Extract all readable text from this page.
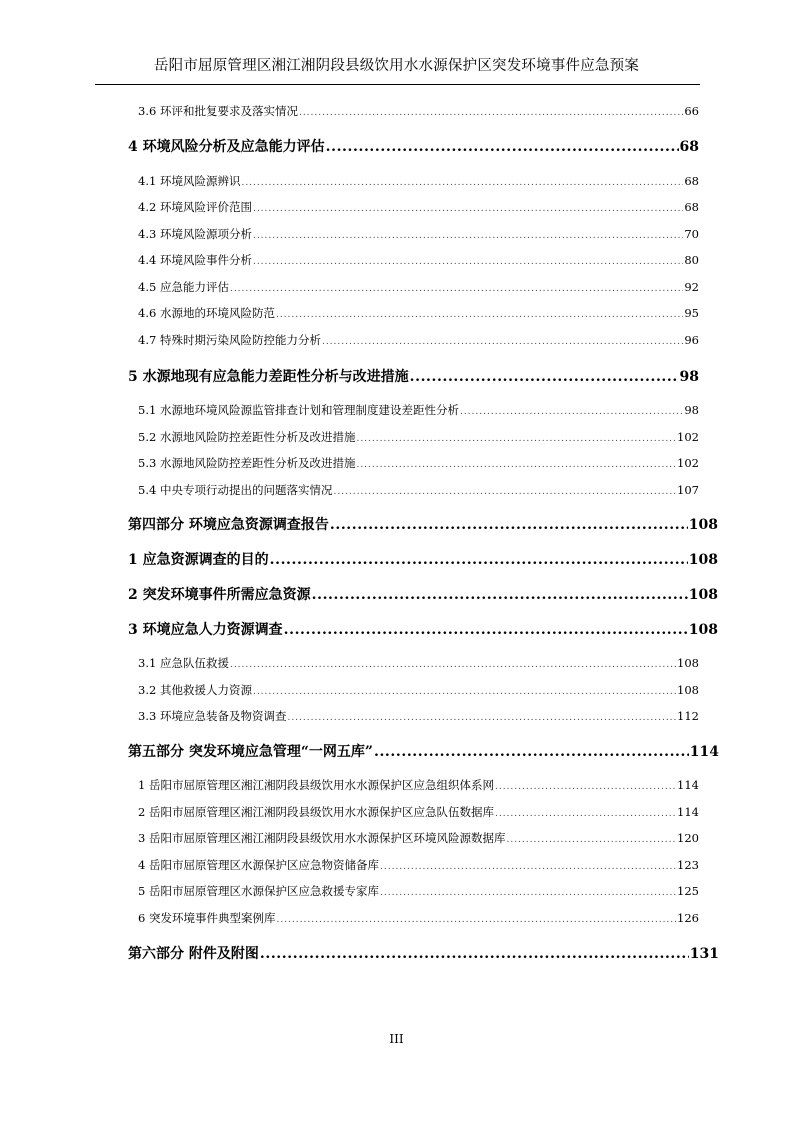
岳阳市屈原管理区湘江湘阴段县级饮用水水源保护区突发环境事件应急预案
3.6 环评和批复要求及落实情况 .....	66
4 环境风险分析及应急能力评估 .....	68
4.1 环境风险源辨识 .....	68
4.2 环境风险评价范围 .....	68
4.3 环境风险源项分析 .....	70
4.4 环境风险事件分析 .....	80
4.5 应急能力评估 .....	92
4.6 水源地的环境风险防范 .....	95
4.7 特殊时期污染风险防控能力分析 .....	96
5 水源地现有应急能力差距性分析与改进措施 .....	98
5.1 水源地环境风险源监管排查计划和管理制度建设差距性分析 .....	98
5.2 水源地风险防控差距性分析及改进措施 .....	102
5.3 水源地风险防控差距性分析及改进措施 .....	102
5.4 中央专项行动提出的问题落实情况 .....	107
第四部分 环境应急资源调查报告 .....	108
1 应急资源调查的目的 .....	108
2 突发环境事件所需应急资源 .....	108
3 环境应急人力资源调查 .....	108
3.1 应急队伍救援 .....	108
3.2 其他救援人力资源 .....	108
3.3 环境应急装备及物资调查 .....	112
第五部分 突发环境应急管理“一网五库” .....	114
1 岳阳市屈原管理区湘江湘阴段县级饮用水水源保护区应急组织体系网 .....	114
2 岳阳市屈原管理区湘江湘阴段县级饮用水水源保护区应急队伍数据库 .....	114
3 岳阳市屈原管理区湘江湘阴段县级饮用水水源保护区环境风险源数据库 .....	120
4 岳阳市屈原管理区水源保护区应急物资储备库 .....	123
5 岳阳市屈原管理区水源保护区应急救援专家库 .....	125
6 突发环境事件典型案例库 .....	126
第六部分 附件及附图 .....	131
III
